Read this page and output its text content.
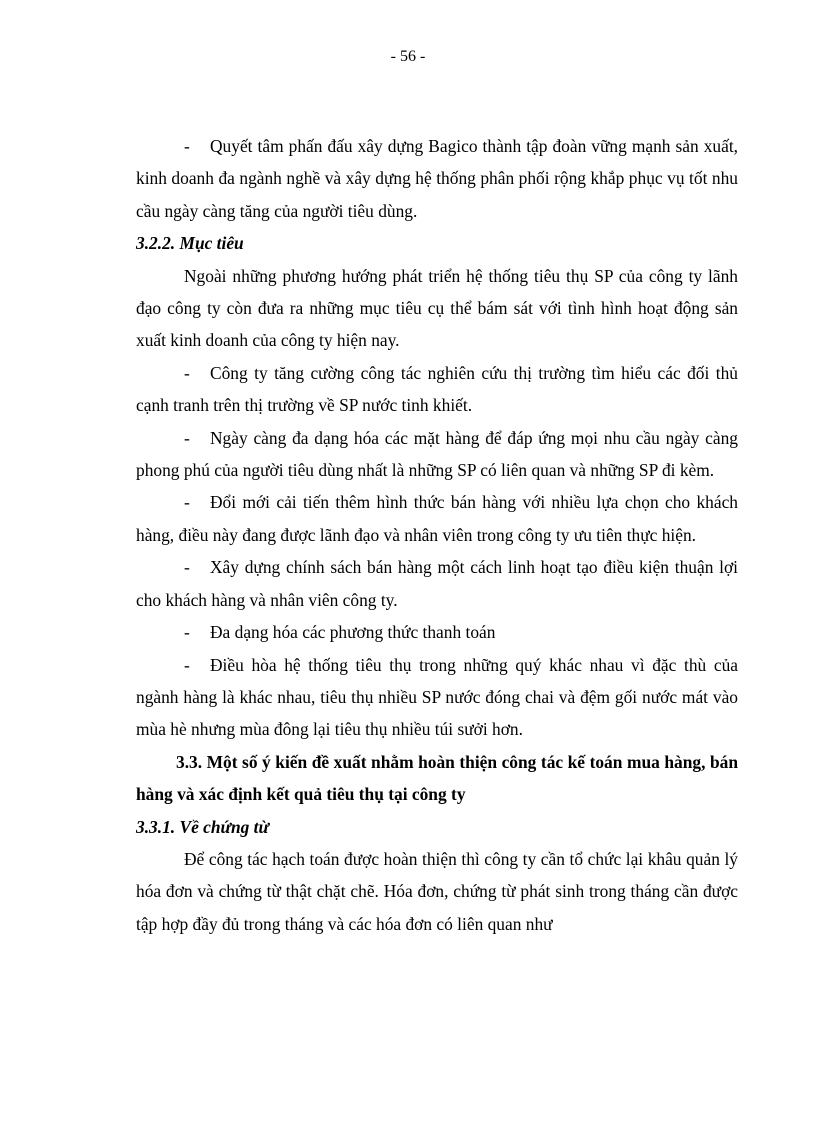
- 56 -

- Quyết tâm phấn đấu xây dựng Bagico thành tập đoàn vững mạnh sản xuất, kinh doanh đa ngành nghề và xây dựng hệ thống phân phối rộng khắp phục vụ tốt nhu cầu ngày càng tăng của người tiêu dùng.

3.2.2. Mục tiêu

Ngoài những phương hướng phát triển hệ thống tiêu thụ SP của công ty lãnh đạo công ty còn đưa ra những mục tiêu cụ thể bám sát với tình hình hoạt động sản xuất kinh doanh của công ty hiện nay.

- Công ty tăng cường công tác nghiên cứu thị trường tìm hiểu các đối thủ cạnh tranh trên thị trường về SP nước tinh khiết.

- Ngày càng đa dạng hóa các mặt hàng để đáp ứng mọi nhu cầu ngày càng phong phú của người tiêu dùng nhất là những SP có liên quan và những SP đi kèm.

- Đổi mới cải tiến thêm hình thức bán hàng với nhiều lựa chọn cho khách hàng, điều này đang được lãnh đạo và nhân viên trong công ty ưu tiên thực hiện.

- Xây dựng chính sách bán hàng một cách linh hoạt tạo điều kiện thuận lợi cho khách hàng và nhân viên công ty.

- Đa dạng hóa các phương thức thanh toán

- Điều hòa hệ thống tiêu thụ trong những quý khác nhau vì đặc thù của ngành hàng là khác nhau, tiêu thụ nhiều SP nước đóng chai và đệm gối nước mát vào mùa hè nhưng mùa đông lại tiêu thụ nhiều túi sưởi hơn.

3.3. Một số ý kiến đề xuất nhằm hoàn thiện công tác kế toán mua hàng, bán hàng và xác định kết quả tiêu thụ tại công ty

3.3.1. Về chứng từ

Để công tác hạch toán được hoàn thiện thì công ty cần tổ chức lại khâu quản lý hóa đơn và chứng từ thật chặt chẽ. Hóa đơn, chứng từ phát sinh trong tháng cần được tập hợp đầy đủ trong tháng và các hóa đơn có liên quan như
